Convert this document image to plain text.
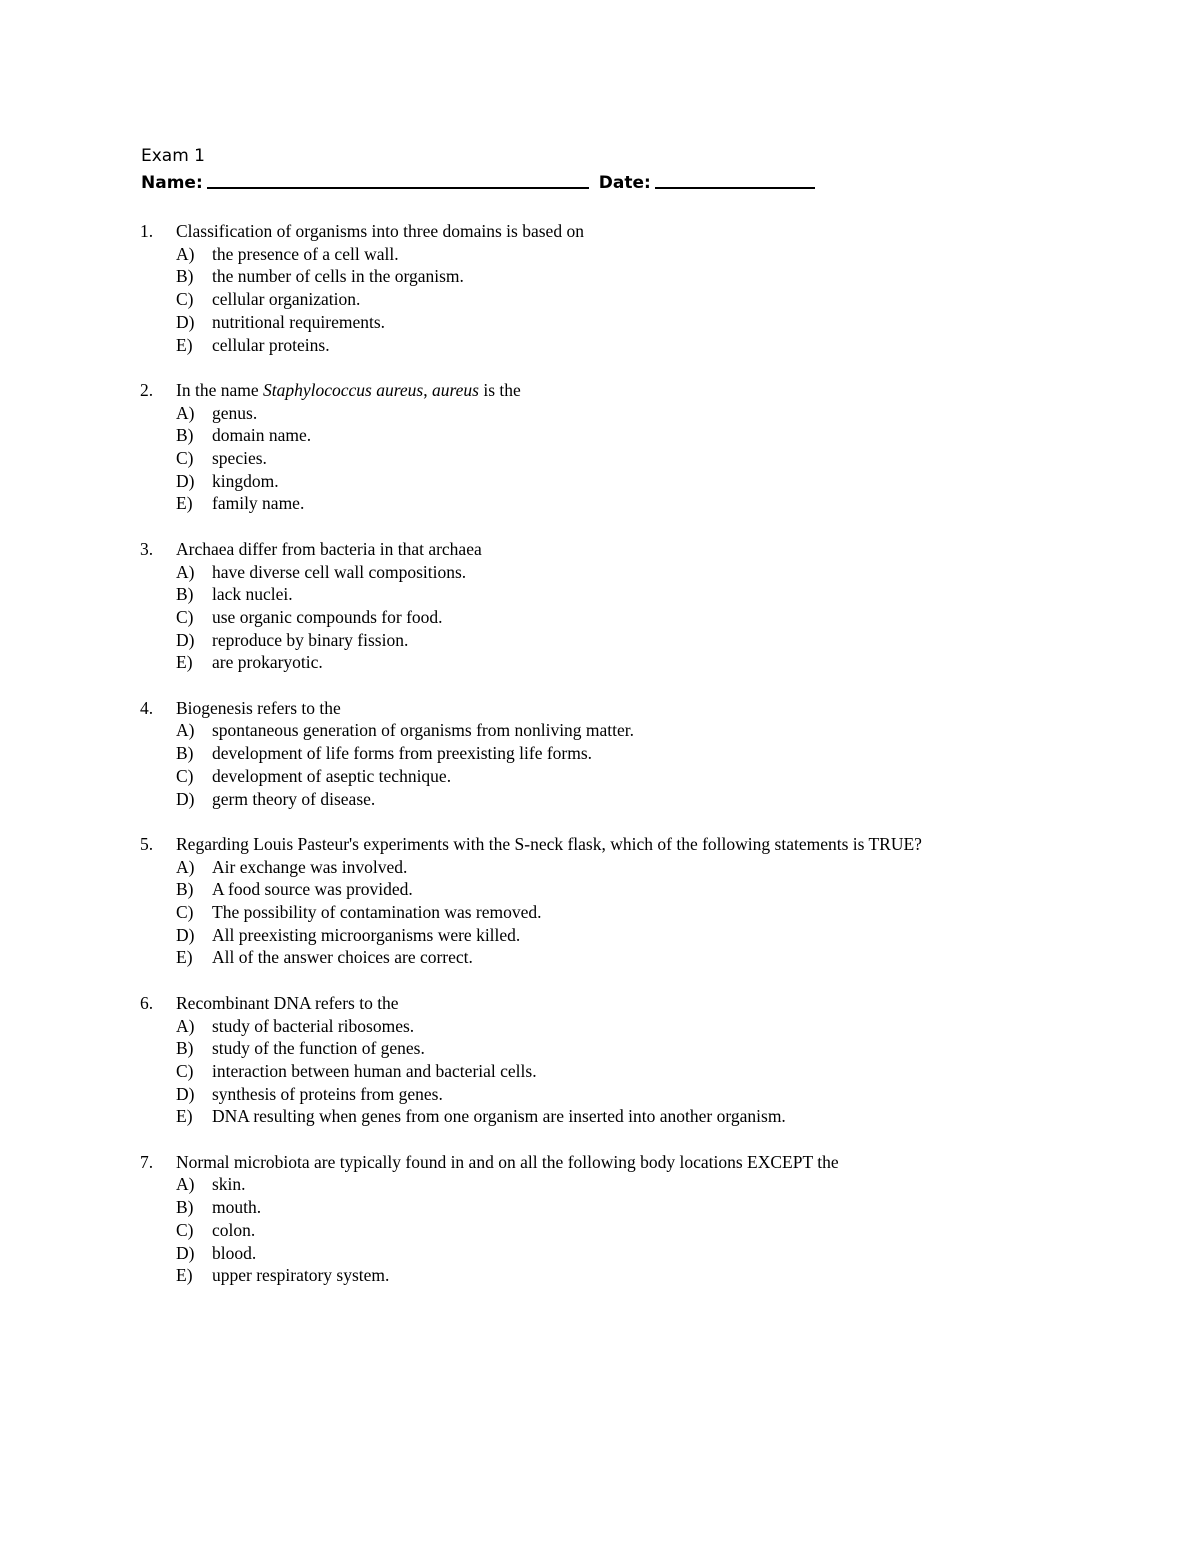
Exam 1
Name:	Date:
1.	Classification of organisms into three domains is based on
A)	the presence of a cell wall.
B)	the number of cells in the organism.
C)	cellular organization.
D)	nutritional requirements.
E)	cellular proteins.
2.	In the name Staphylococcus aureus, aureus is the
A)	genus.
B)	domain name.
C)	species.
D)	kingdom.
E)	family name.
3.	Archaea differ from bacteria in that archaea
A)	have diverse cell wall compositions.
B)	lack nuclei.
C)	use organic compounds for food.
D)	reproduce by binary fission.
E)	are prokaryotic.
4.	Biogenesis refers to the
A)	spontaneous generation of organisms from nonliving matter.
B)	development of life forms from preexisting life forms.
C)	development of aseptic technique.
D)	germ theory of disease.
5.	Regarding Louis Pasteur's experiments with the S-neck flask, which of the following statements is TRUE?
A)	Air exchange was involved.
B)	A food source was provided.
C)	The possibility of contamination was removed.
D)	All preexisting microorganisms were killed.
E)	All of the answer choices are correct.
6.	Recombinant DNA refers to the
A)	study of bacterial ribosomes.
B)	study of the function of genes.
C)	interaction between human and bacterial cells.
D)	synthesis of proteins from genes.
E)	DNA resulting when genes from one organism are inserted into another organism.
7.	Normal microbiota are typically found in and on all the following body locations EXCEPT the
A)	skin.
B)	mouth.
C)	colon.
D)	blood.
E)	upper respiratory system.
